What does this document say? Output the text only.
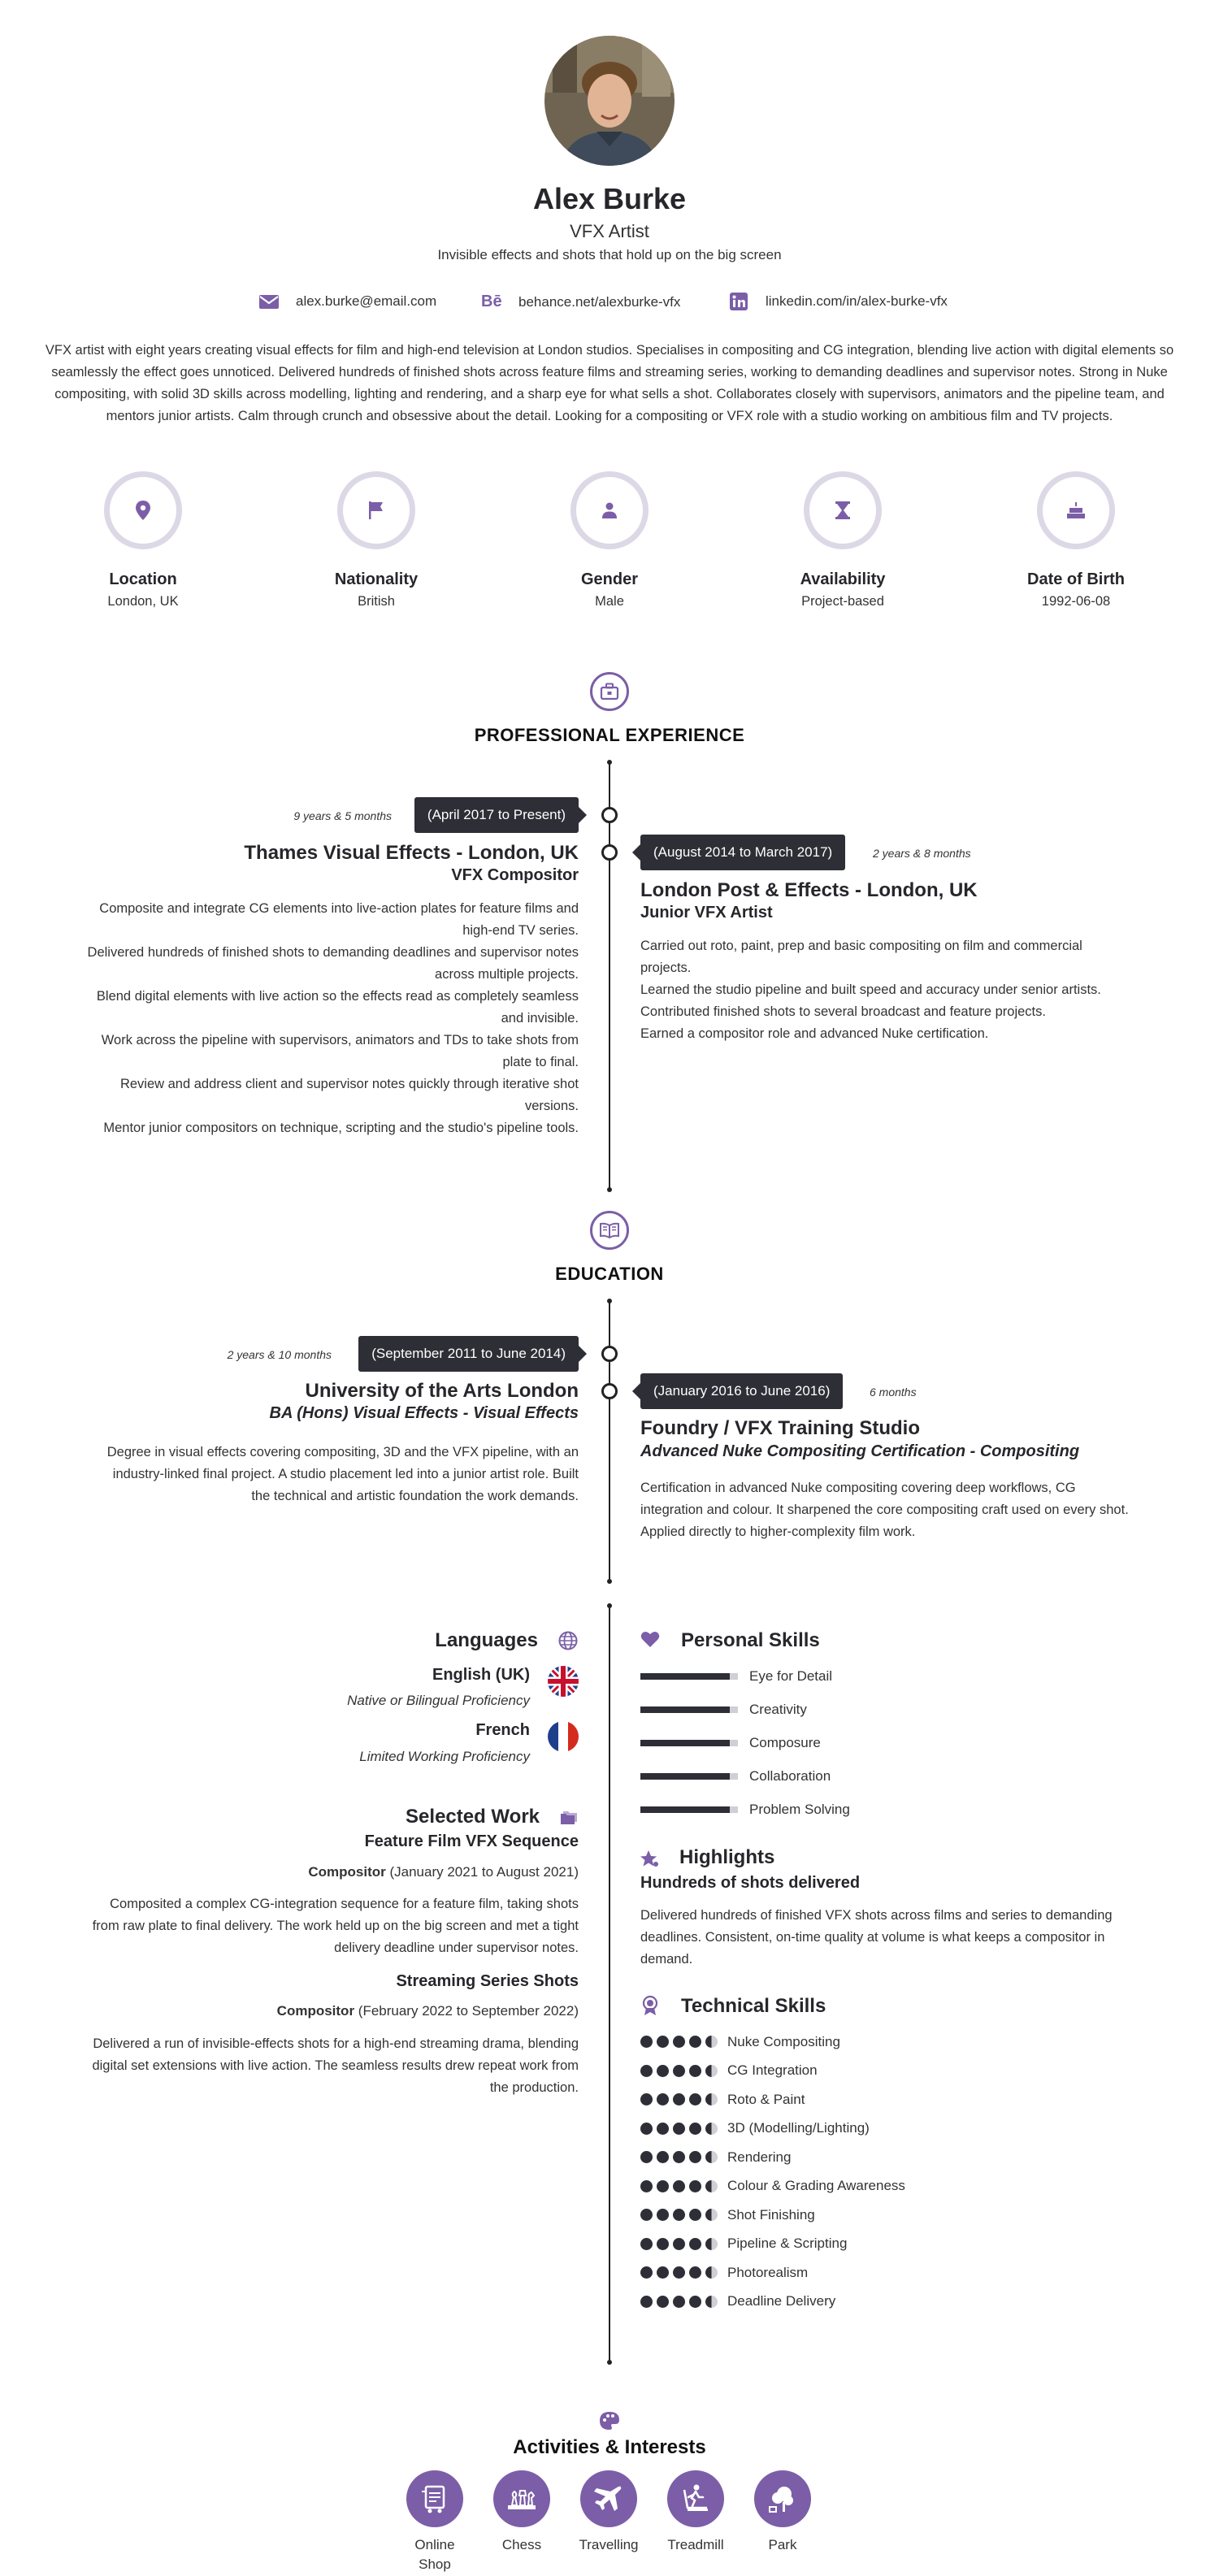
Alex Burke
VFX Artist
Invisible effects and shots that hold up on the big screen
alex.burke@email.com	Bē behance.net/alexburke-vfx	linkedin.com/in/alex-burke-vfx
VFX artist with eight years creating visual effects for film and high-end television at London studios. Specialises in compositing and CG integration, blending live action with digital elements so seamlessly the effect goes unnoticed. Delivered hundreds of finished shots across feature films and streaming series, working to demanding deadlines and supervisor notes. Strong in Nuke compositing, with solid 3D skills across modelling, lighting and rendering, and a sharp eye for what sells a shot. Collaborates closely with supervisors, animators and the pipeline team, and mentors junior artists. Calm through crunch and obsessive about the detail. Looking for a compositing or VFX role with a studio working on ambitious film and TV projects.
Location
London, UK
Nationality
British
Gender
Male
Availability
Project-based
Date of Birth
1992-06-08
PROFESSIONAL EXPERIENCE
9 years & 5 months	(April 2017 to Present)
Thames Visual Effects - London, UK
VFX Compositor
Composite and integrate CG elements into live-action plates for feature films and
high-end TV series.
Delivered hundreds of finished shots to demanding deadlines and supervisor notes
across multiple projects.
Blend digital elements with live action so the effects read as completely seamless
and invisible.
Work across the pipeline with supervisors, animators and TDs to take shots from
plate to final.
Review and address client and supervisor notes quickly through iterative shot
versions.
Mentor junior compositors on technique, scripting and the studio's pipeline tools.
(August 2014 to March 2017)	2 years & 8 months
London Post & Effects - London, UK
Junior VFX Artist
Carried out roto, paint, prep and basic compositing on film and commercial
projects.
Learned the studio pipeline and built speed and accuracy under senior artists.
Contributed finished shots to several broadcast and feature projects.
Earned a compositor role and advanced Nuke certification.
EDUCATION
2 years & 10 months	(September 2011 to June 2014)
University of the Arts London
BA (Hons) Visual Effects - Visual Effects
Degree in visual effects covering compositing, 3D and the VFX pipeline, with an
industry-linked final project. A studio placement led into a junior artist role. Built
the technical and artistic foundation the work demands.
(January 2016 to June 2016)	6 months
Foundry / VFX Training Studio
Advanced Nuke Compositing Certification - Compositing
Certification in advanced Nuke compositing covering deep workflows, CG
integration and colour. It sharpened the core compositing craft used on every shot.
Applied directly to higher-complexity film work.
Languages
English (UK)
Native or Bilingual Proficiency
French
Limited Working Proficiency
Selected Work
Feature Film VFX Sequence
Compositor (January 2021 to August 2021)
Composited a complex CG-integration sequence for a feature film, taking shots
from raw plate to final delivery. The work held up on the big screen and met a tight
delivery deadline under supervisor notes.
Streaming Series Shots
Compositor (February 2022 to September 2022)
Delivered a run of invisible-effects shots for a high-end streaming drama, blending
digital set extensions with live action. The seamless results drew repeat work from
the production.
Personal Skills
Eye for Detail
Creativity
Composure
Collaboration
Problem Solving
Highlights
Hundreds of shots delivered
Delivered hundreds of finished VFX shots across films and series to demanding
deadlines. Consistent, on-time quality at volume is what keeps a compositor in
demand.
Technical Skills
Nuke Compositing
CG Integration
Roto & Paint
3D (Modelling/Lighting)
Rendering
Colour & Grading Awareness
Shot Finishing
Pipeline & Scripting
Photorealism
Deadline Delivery
Activities & Interests
Online
Shop
Chess	Travelling	Treadmill	Park
